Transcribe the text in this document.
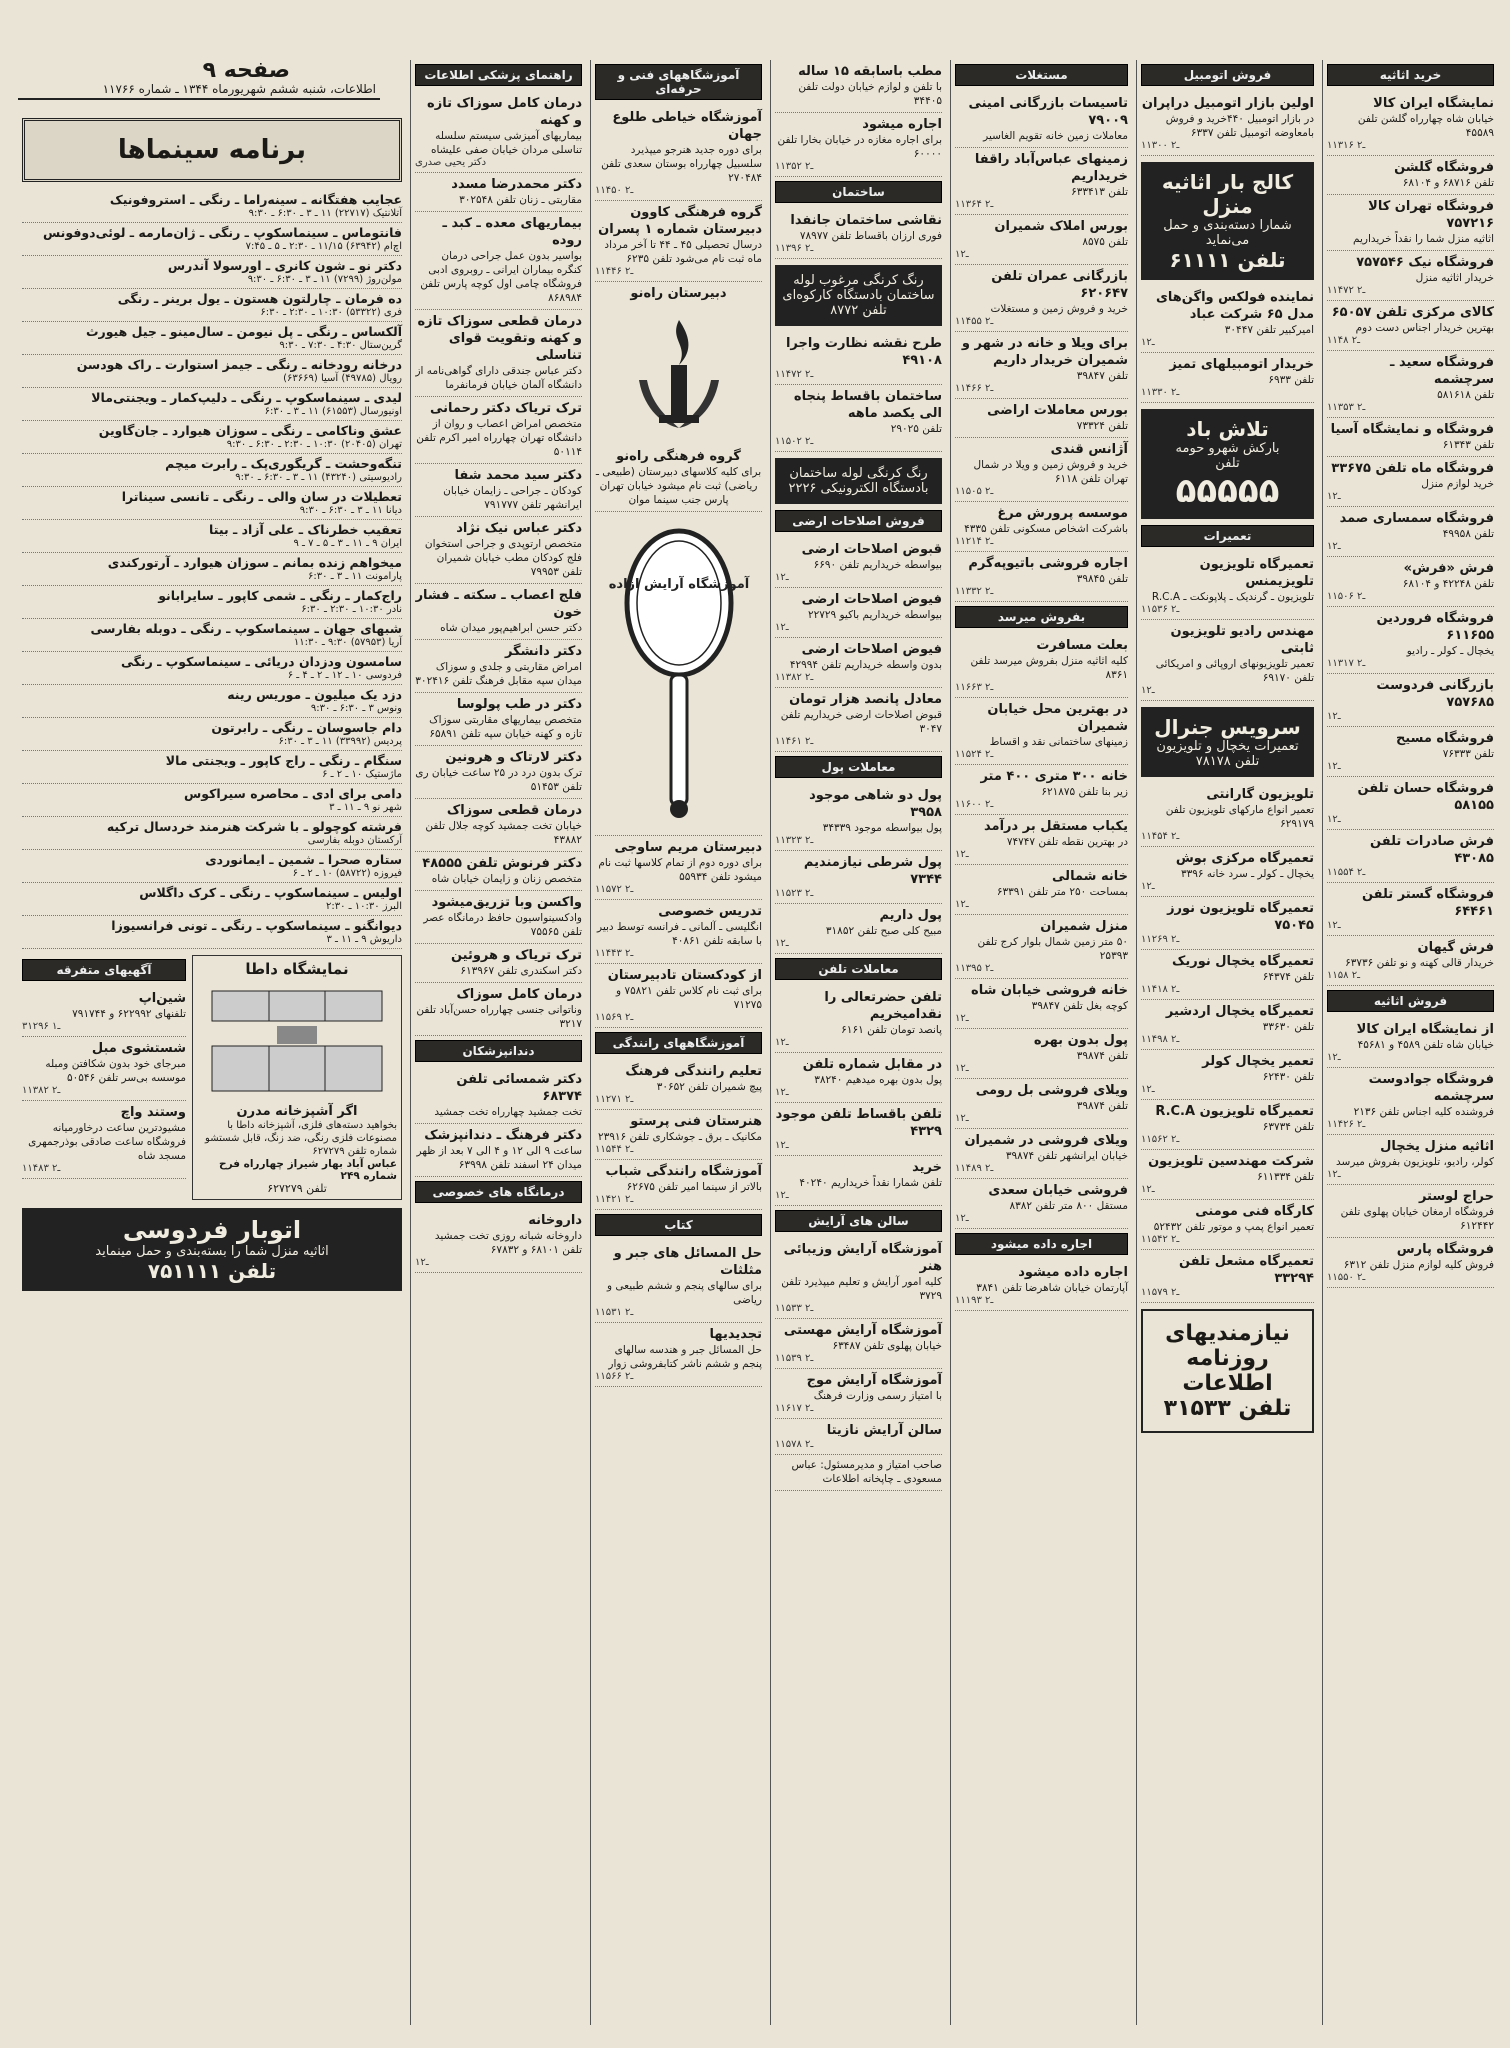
خرید اثاثیه
نمایشگاه ایران کالا
خیابان شاه چهارراه گلشن تلفن ۴۵۵۸۹
۱ـ۲ ۱۳۱۶
فروشگاه گلشن
تلفن ۶۸۷۱۶ و ۶۸۱۰۴
فروشگاه تهران کالا ۷۵۷۲۱۶
اثاثیه منزل شما را نقداً خریداریم
فروشگاه نیک ۷۵۷۵۴۶
خریدار اثاثیه منزل
۱ـ۲ ۱۴۷۲
کالای مرکزی تلفن ۶۵۰۵۷
بهترین خریدار اجناس دست دوم
۱ـ۲ ۱۴۸
فروشگاه سعید ـ سرچشمه
تلفن ۵۸۱۶۱۸
۱ـ۲ ۱۳۵۳
فروشگاه و نمایشگاه آسیا
تلفن ۶۱۳۴۳
فروشگاه ماه تلفن ۳۳۶۷۵
خرید لوازم منزل
۱ـ۲
فروشگاه سمساری صمد
تلفن ۴۹۹۵۸
۱ـ۲
فرش «فرش»
تلفن ۴۲۲۴۸ و ۶۸۱۰۴
۱ـ۲ ۱۵۰۶
فروشگاه فروردین ۶۱۱۶۵۵
یخچال ـ کولر ـ رادیو
۱ـ۲ ۱۳۱۷
بازرگانی فردوست ۷۵۷۶۸۵
۱ـ۲
فروشگاه مسیح
تلفن ۷۶۳۳۳
۱ـ۲
فروشگاه حسان تلفن ۵۸۱۵۵
۱ـ۲
فرش صادرات تلفن ۴۳۰۸۵
۱ـ۲ ۱۵۵۴
فروشگاه گستر تلفن ۶۴۴۶۱
۱ـ۲
فرش گیهان
خریدار قالی کهنه و نو تلفن ۶۳۷۳۶
۱ـ۲ ۱۵۸
فروش اثاثیه
از نمایشگاه ایران کالا
خیابان شاه تلفن ۴۵۸۹ و ۴۵۶۸۱
۱ـ۲
فروشگاه جوادوست سرچشمه
فروشنده کلیه اجناس تلفن ۲۱۳۶
۱ـ۲ ۱۴۲۶
اثاثیه منزل یخچال
کولر، رادیو، تلویزیون بفروش میرسد
۱ـ۲
حراج لوستر
فروشگاه ارمغان خیابان پهلوی تلفن ۶۱۲۴۴۲
فروشگاه پارس
فروش کلیه لوازم منزل تلفن ۶۳۱۲
۱ـ۲ ۱۵۵۰
فروش اتومبیل
اولین بازار اتومبیل دراپران
در بازار اتومبیل ۴۴۰خرید و فروش بامعاوضه اتومبیل تلفن ۶۳۳۷
۱ـ۲ ۱۳۰۰
کالج بار اثاثیه منزل
شمارا دسته‌بندی و حمل می‌نماید
تلفن ۶۱۱۱۱
نماینده فولکس واگن‌های مدل ۶۵ شرکت عباد
امیرکبیر تلفن ۳۰۴۴۷
۱ـ۲
خریدار اتومبیلهای تمیز
تلفن ۶۹۳۳
۱ـ۲ ۱۳۳۰
تلاش باد
بارکش شهرو حومه
تلفن
۵۵۵۵۵
تعمیرات
تعمیرگاه تلویزیون تلویزیمنس
تلویزیون ـ گرندیک ـ پلاپونکت ـ R.C.A
۱ـ۲ ۱۵۳۶
مهندس رادیو تلویزیون ثابتی
تعمیر تلویزیونهای اروپائی و امریکائی تلفن ۶۹۱۷۰
۱ـ۲
سرویس جنرال
تعمیرات یخچال و تلویزیون تلفن ۷۸۱۷۸
تلویزیون گارانتی
تعمیر انواع مارکهای تلویزیون تلفن ۶۲۹۱۷۹
۱ـ۲ ۱۴۵۴
تعمیرگاه مرکزی بوش
یخچال ـ کولر ـ سرد خانه ۳۳۹۶
۱ـ۲
تعمیرگاه تلویزیون نورز ۷۵۰۴۵
۱ـ۲ ۱۲۶۹
تعمیرگاه یخچال نوریک
تلفن ۶۴۳۷۴
۱ـ۲ ۱۴۱۸
تعمیرگاه یخچال اردشیر
تلفن ۳۳۶۳۰
۱ـ۲ ۱۴۹۸
تعمیر یخچال کولر
تلفن ۶۲۴۳۰
۱ـ۲
تعمیرگاه تلویزیون R.C.A
تلفن ۶۳۷۳۴
۱ـ۲ ۱۵۶۲
شرکت مهندسین تلویزیون
تلفن ۶۱۱۳۳۴
۱ـ۲
کارگاه فنی مومنی
تعمیر انواع پمپ و موتور تلفن ۵۲۴۳۲
۱ـ۲ ۱۵۴۲
تعمیرگاه مشعل تلفن ۳۳۲۹۴
۱ـ۲ ۱۵۷۹
نیازمندیهای
روزنامه اطلاعات
تلفن ۳۱۵۳۳
مستغلات
تاسیسات بازرگانی امینی ۷۹۰۰۹
معاملات زمین خانه تقویم الغاسیر
زمینهای عباس‌آباد راقفا خریداریم
تلفن ۶۳۳۴۱۳
۱ـ۲ ۱۳۶۴
بورس املاک شمیران
تلفن ۸۵۷۵
۱ـ۲
بازرگانی عمران تلفن ۶۲۰۶۴۷
خرید و فروش زمین و مستغلات
۱ـ۲ ۱۴۵۵
برای ویلا و خانه در شهر و شمیران خریدار داریم
تلفن ۳۹۸۴۷
۱ـ۲ ۱۴۶۶
بورس معاملات اراضی
تلفن ۷۳۳۲۴
آژانس قندی
خرید و فروش زمین و ویلا در شمال تهران تلفن ۶۱۱۸
۱ـ۲ ۱۵۰۵
موسسه پرورش مرغ
باشرکت اشخاص مسکونی تلفن ۴۳۳۵
۱ـ۲ ۱۲۱۴
اجاره فروشی باتیوپه‌گرم
تلفن ۳۹۸۴۵
۱ـ۲ ۱۳۳۲
بفروش میرسد
بعلت مسافرت
کلیه اثاثیه منزل بفروش میرسد تلفن ۸۳۶۱
۱ـ۲ ۱۶۶۳
در بهترین محل خیابان شمیران
زمینهای ساختمانی نقد و اقساط
۱ـ۲ ۱۵۲۴
خانه ۳۰۰ متری ۴۰۰ متر
زیر بنا تلفن ۶۲۱۸۷۵
۱ـ۲ ۱۶۰۰
یکباب مستقل بر درآمد
در بهترین نقطه تلفن ۷۴۷۴۷
۱ـ۲
خانه شمالی
بمساحت ۲۵۰ متر تلفن ۶۳۳۹۱
۱ـ۲
منزل شمیران
۵۰ متر زمین شمال بلوار کرج تلفن ۲۵۳۹۳
۱ـ۲ ۱۳۹۵
خانه فروشی خیابان شاه
کوچه بغل تلفن ۳۹۸۴۷
۱ـ۲
پول بدون بهره
تلفن ۳۹۸۷۴
۱ـ۲
ویلای فروشی بل رومی
تلفن ۳۹۸۷۴
۱ـ۲
ویلای فروشی در شمیران
خیابان ایرانشهر تلفن ۳۹۸۷۴
۱ـ۲ ۱۴۸۹
فروشی خیابان سعدی
مستقل ۸۰۰ متر تلفن ۸۳۸۲
۱ـ۲
اجاره داده میشود
اجاره داده میشود
آپارتمان خیابان شاهرضا تلفن ۳۸۴۱
۱ـ۲ ۱۱۹۳
مطب باسابقه ۱۵ ساله
با تلفن و لوازم خیابان دولت تلفن ۳۴۴۰۵
اجاره میشود
برای اجاره مغازه در خیابان بخارا تلفن ۶۰۰۰۰
۱ـ۲ ۱۳۵۲
ساختمان
نقاشی ساختمان جانفدا
فوری ارزان باقساط تلفن ۷۸۹۷۷
۱ـ۲ ۱۳۹۶
رنگ کرنگی مرغوب لوله ساختمان بادستگاه کارکوه‌ای تلفن ۸۷۷۲
طرح نقشه نظارت واجرا ۴۹۱۰۸
۱ـ۲ ۱۴۷۲
ساختمان باقساط پنجاه الی یکصد ماهه
تلفن ۲۹۰۲۵
۱ـ۲ ۱۵۰۲
رنگ کرنگی لوله ساختمان بادستگاه الکترونیکی ۲۲۲۶
فروش اصلاحات ارضی
قبوض اصلاحات ارضی
بیواسطه خریداریم تلفن ۶۶۹۰
۱ـ۲
فیوض اصلاحات ارضی
بیواسطه خریداریم باکیو ۲۲۷۲۹
۱ـ۲
فیوض اصلاحات ارضی
بدون واسطه خریداریم تلفن ۴۲۹۹۴
۱ـ۲ ۱۳۸۲
معادل پانصد هزار تومان
قبوض اصلاحات ارضی خریداریم تلفن ۳۰۴۷
۱ـ۲ ۱۴۶۱
معاملات پول
پول دو شاهی موجود ۳۹۵۸
پول بیواسطه موجود ۳۴۳۳۹
۱ـ۲ ۱۳۲۳
پول شرطی نیازمندیم ۷۳۴۴
۱ـ۲ ۱۵۲۳
پول داریم
مبیح کلی صبح تلفن ۳۱۸۵۲
۱ـ۲
معاملات تلفن
تلفن حضرتعالی را نقدامیخریم
پانصد تومان تلفن ۶۱۶۱
۱ـ۲
در مقابل شماره تلفن
پول بدون بهره میدهیم ۳۸۲۴۰
۱ـ۲
تلفن باقساط تلفن موجود ۴۳۲۹
۱ـ۲
خرید
تلفن شمارا نقداً خریداریم ۴۰۲۴۰
۱ـ۲
سالن های آرایش
آموزشگاه آرایش وزیبائی هنر
کلیه امور آرایش و تعلیم میپذیرد تلفن ۳۷۲۹
۱ـ۲ ۱۵۳۳
آموزشگاه آرایش مهستی
خیابان پهلوی تلفن ۶۳۴۸۷
۱ـ۲ ۱۵۳۹
آموزشگاه آرایش موج
با امتیاز رسمی وزارت فرهنگ
۱ـ۲ ۱۶۱۷
سالن آرایش نازیتا
۱ـ۲ ۱۵۷۸
صاحب امتیاز و مدیرمسئول: عباس مسعودی ـ چاپخانه اطلاعات
آموزشگاههای فنی و حرفه‌ای
آموزشگاه خیاطی طلوع جهان
برای دوره جدید هنرجو میپذیرد سلسبیل چهارراه بوستان سعدی تلفن ۲۷۰۴۸۴
۱ـ۲ ۱۴۵۰
گروه فرهنگی کاوون دبیرستان شماره ۱ پسران
درسال تحصیلی ۴۵ ـ ۴۴ تا آخر مرداد ماه ثبت نام می‌شود تلفن ۶۲۳۵
۱ـ۲ ۱۴۴۶
دبیرستان راه‌نو
گروه فرهنگی راه‌نو
برای کلیه کلاسهای دبیرستان (طبیعی ـ ریاضی) ثبت نام میشود خیابان تهران پارس جنب سینما موان
آموزشگاه آرایش ازاده
دبیرستان مریم ساوجی
برای دوره دوم از تمام کلاسها ثبت نام میشود تلفن ۵۵۹۳۴
۱ـ۲ ۱۵۷۲
تدریس خصوصی
انگلیسی ـ آلمانی ـ فرانسه توسط دبیر با سابقه تلفن ۴۰۸۶۱
۱ـ۲ ۱۴۴۳
از کودکستان تادبیرستان
برای ثبت نام کلاس تلفن ۷۵۸۲۱ و ۷۱۲۷۵
۱ـ۲ ۱۵۶۹
آموزشگاههای رانندگی
تعلیم رانندگی فرهنگ
پیچ شمیران تلفن ۳۰۶۵۲
۱ـ۲ ۱۲۷۱
هنرستان فنی پرستو
مکانیک ـ برق ـ جوشکاری تلفن ۲۳۹۱۶
۱ـ۲ ۱۵۴۴
آموزشگاه رانندگی شباب
بالاتر از سینما امیر تلفن ۶۲۶۷۵
۱ـ۲ ۱۴۲۱
کتاب
حل المسائل های جبر و مثلثات
برای سالهای پنجم و ششم طبیعی و ریاضی
۱ـ۲ ۱۵۳۱
تجدیدیها
حل المسائل جبر و هندسه سالهای پنجم و ششم ناشر کتابفروشی زوار
۱ـ۲ ۱۵۶۶
راهنمای پزشکی اطلاعات
درمان کامل سوزاک تازه و کهنه
بیماریهای آمیزشی سیستم سلسله تناسلی مردان خیابان صفی علیشاه
دکتر یحیی صدری
دکتر محمدرضا مسدد
مقاربتی ـ زنان تلفن ۳۰۲۵۴۸
بیماریهای معده ـ کبد ـ روده
بواسیر بدون عمل جراحی درمان کنگره بیماران ایرانی ـ روبروی ادبی فروشگاه چامی اول کوچه پارس تلفن ۸۶۸۹۸۴
درمان قطعی سوزاک تازه و کهنه وتقویت قوای تناسلی
دکتر عباس جندقی دارای گواهی‌نامه از دانشگاه آلمان خیابان فرمانفرما
ترک تریاک دکتر رحمانی
متخصص امراض اعصاب و روان از دانشگاه تهران چهارراه امیر اکرم تلفن ۵۰۱۱۴
دکتر سید محمد شفا
کودکان ـ جراحی ـ زایمان خیابان ایرانشهر تلفن ۷۹۱۷۷۷
دکتر عباس نیک نژاد
متخصص ارتوپدی و جراحی استخوان فلج کودکان مطب خیابان شمیران تلفن ۷۹۹۵۳
فلج اعصاب ـ سکته ـ فشار خون
دکتر حسن ابراهیم‌پور میدان شاه
دکتر دانشگر
امراض مقاربتی و جلدی و سوزاک میدان سپه مقابل فرهنگ تلفن ۳۰۲۴۱۶
دکتر در طب پولوسا
متخصص بیماریهای مقاربتی سوزاک تازه و کهنه خیابان سپه تلفن ۶۵۸۹۱
دکتر لارتاک و هرونین
ترک بدون درد در ۲۵ ساعت خیابان ری تلفن ۵۱۴۵۳
درمان قطعی سوزاک
خیابان تخت جمشید کوچه جلال تلفن ۴۳۸۸۲
دکتر فرنوش تلفن ۴۸۵۵۵
متخصص زنان و زایمان خیابان شاه
واکسن وبا تزریق‌میشود
وادکسینواسیون حافظ درمانگاه عصر تلفن ۷۵۵۶۵
ترک تریاک و هروئین
دکتر اسکندری تلفن ۶۱۳۹۶۷
درمان کامل سوزاک
وناتوانی جنسی چهارراه حسن‌آباد تلفن ۳۲۱۷
دندانپزشکان
دکتر شمسائی تلفن ۶۸۳۷۴
تخت جمشید چهارراه تخت جمشید
دکتر فرهنگ ـ دندانپزشک
ساعت ۹ الی ۱۲ و ۴ الی ۷ بعد از ظهر میدان ۲۴ اسفند تلفن ۶۳۹۹۸
درمانگاه های خصوصی
داروخانه
داروخانه شبانه روزی تخت جمشید تلفن ۶۸۱۰۱ و ۶۷۸۳۲
۱ـ۲
برنامه سینماها
عجایب هفتگانه ـ سینه‌راما ـ رنگی ـ استروفونیک
آتلانتیک (۲۲۷۱۷) ۱۱ ـ ۳ ـ ۶:۳۰ ـ ۹:۳۰
فانتوماس ـ سینماسکوپ ـ رنگی ـ ژان‌مارمه ـ لوئی‌دوفونس
اچ‌ام (۶۳۹۴۲) ۱۱/۱۵ ـ ۲:۳۰ ـ ۵ ـ ۷:۴۵
دکتر نو ـ شون کانری ـ اورسولا آندرس
مولن‌روژ (۷۲۹۹) ۱۱ ـ ۳ ـ ۶:۳۰ ـ ۹:۳۰
ده فرمان ـ چارلتون هستون ـ یول برینر ـ رنگی
فری (۵۳۳۲۲) ۱۰:۳۰ ـ ۲:۳۰ ـ ۶:۳۰
آلکساس ـ رنگی ـ پل نیومن ـ سال‌مینو ـ جیل هیورث
گرین‌ستال ۴:۳۰ ـ ۷:۳۰ ـ ۹:۳۰
درخانه رودخانه ـ رنگی ـ جیمز استوارت ـ راک هودسن
رویال (۴۹۷۸۵) آسیا (۶۳۶۶۹)
لیدی ـ سینماسکوپ ـ رنگی ـ دلیپ‌کمار ـ ویجنتی‌مالا
اونیورسال (۶۱۵۵۳) ۱۱ ـ ۳ ـ ۶:۳۰
عشق وناکامی ـ رنگی ـ سوزان هیوارد ـ جان‌گاوین
تهران (۲۰۴۰۵) ۱۰:۳۰ ـ ۲:۳۰ ـ ۶:۳۰ ـ ۹:۳۰
تنگه‌وحشت ـ گریگوری‌پک ـ رابرت میچم
رادیوسیتی (۴۳۲۴۰) ۱۱ ـ ۳ ـ ۶:۳۰ ـ ۹:۳۰
تعطیلات در سان والی ـ رنگی ـ تانسی سیناترا
دیانا ۱۱ ـ ۳ ـ ۶:۳۰ ـ ۹:۳۰
تعقیب خطرناک ـ علی آزاد ـ بیتا
ایران ۹ ـ ۱۱ ـ ۳ ـ ۵ ـ ۷ ـ ۹
میخواهم زنده بمانم ـ سوزان هیوارد ـ آرتورکندی
پارامونت ۱۱ ـ ۳ ـ ۶:۳۰
راج‌کمار ـ رنگی ـ شمی کاپور ـ سایرابانو
نادر ۱۰:۳۰ ـ ۲:۳۰ ـ ۶:۳۰
شبهای جهان ـ سینماسکوپ ـ رنگی ـ دوبله بفارسی
آریا (۵۷۹۵۳) ۹:۳۰ ـ ۱۱:۳۰
سامسون ودزدان دریائی ـ سینماسکوپ ـ رنگی
فردوسی ۱۰ ـ ۱۲ ـ ۲ ـ ۴ ـ ۶
دزد یک میلیون ـ موریس رینه
ونوس ۳ ـ ۶:۳۰ ـ ۹:۳۰
دام جاسوسان ـ رنگی ـ رابرتون
پردیس (۳۳۹۹۲) ۱۱ ـ ۳ ـ ۶:۳۰
سنگام ـ رنگی ـ راج کاپور ـ ویجنتی مالا
ماژستیک ۱۰ ـ ۲ ـ ۶
دامی برای ادی ـ محاصره سیراکوس
شهر نو ۹ ـ ۱۱ ـ ۳
فرشته کوچولو ـ با شرکت هنرمند خردسال ترکیه
آرکستان دوبله بفارسی
ستاره صحرا ـ شمین ـ ایمانوردی
فیروزه (۵۸۷۲۲) ۱۰ ـ ۲ ـ ۶
اولیس ـ سینماسکوپ ـ رنگی ـ کرک داگلاس
البرز ۱۰:۳۰ ـ ۲:۳۰
دیوانگنو ـ سینماسکوپ ـ رنگی ـ تونی فرانسیوزا
داریوش ۹ ـ ۱۱ ـ ۳
نمایشگاه داطا
اگر آشپزخانه مدرن
بخواهید دسته‌های فلزی، آشپزخانه داطا با مصنوعات فلزی رنگی، ضد زنگ، قابل شستشو شماره تلفن ۶۲۷۲۷۹
عباس آباد بهار شیراز چهارراه فرح شماره ۲۴۹
تلفن ۶۲۷۲۷۹
آگهیهای متفرقه
شین‌اپ
تلفنهای ۶۲۲۹۹۲ و ۷۹۱۷۴۴
۳ـ۱ ۱۲۹۶
شستشوی مبل
مبرجای خود بدون شکافتن ومبله موسسه بی‌سر تلفن ۵۰۵۴۶
۱ـ۲ ۱۳۸۲
وستند واچ
مشیودترین ساعت درخاورمیانه فروشگاه ساعت صادقی بوذرجمهری مسجد شاه
۱ـ۲ ۱۴۸۳
اتوبار فردوسی
اثاثیه منزل شما را بسته‌بندی و حمل مینماید
تلفن ۷۵۱۱۱۱
صفحه ۹
اطلاعات، شنبه ششم شهریورماه ۱۳۴۴ ـ شماره ۱۱۷۶۶
